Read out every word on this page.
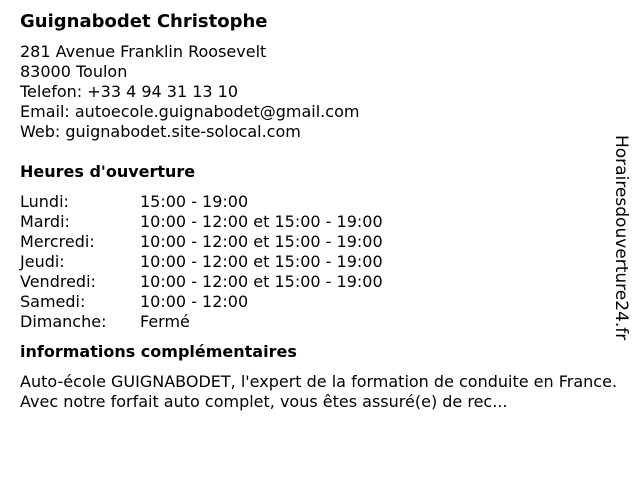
Guignabodet Christophe
281 Avenue Franklin Roosevelt
83000 Toulon
Telefon: +33 4 94 31 13 10
Email: autoecole.guignabodet@gmail.com
Web: guignabodet.site-solocal.com
Heures d'ouverture
Lundi:	15:00 - 19:00
Mardi:	10:00 - 12:00 et 15:00 - 19:00
Mercredi:	10:00 - 12:00 et 15:00 - 19:00
Jeudi:	10:00 - 12:00 et 15:00 - 19:00
Vendredi:	10:00 - 12:00 et 15:00 - 19:00
Samedi:	10:00 - 12:00
Dimanche:	Fermé
informations complémentaires
Auto-école GUIGNABODET, l'expert de la formation de conduite en France. Avec notre forfait auto complet, vous êtes assuré(e) de rec...
Horairesdouverture24.fr
